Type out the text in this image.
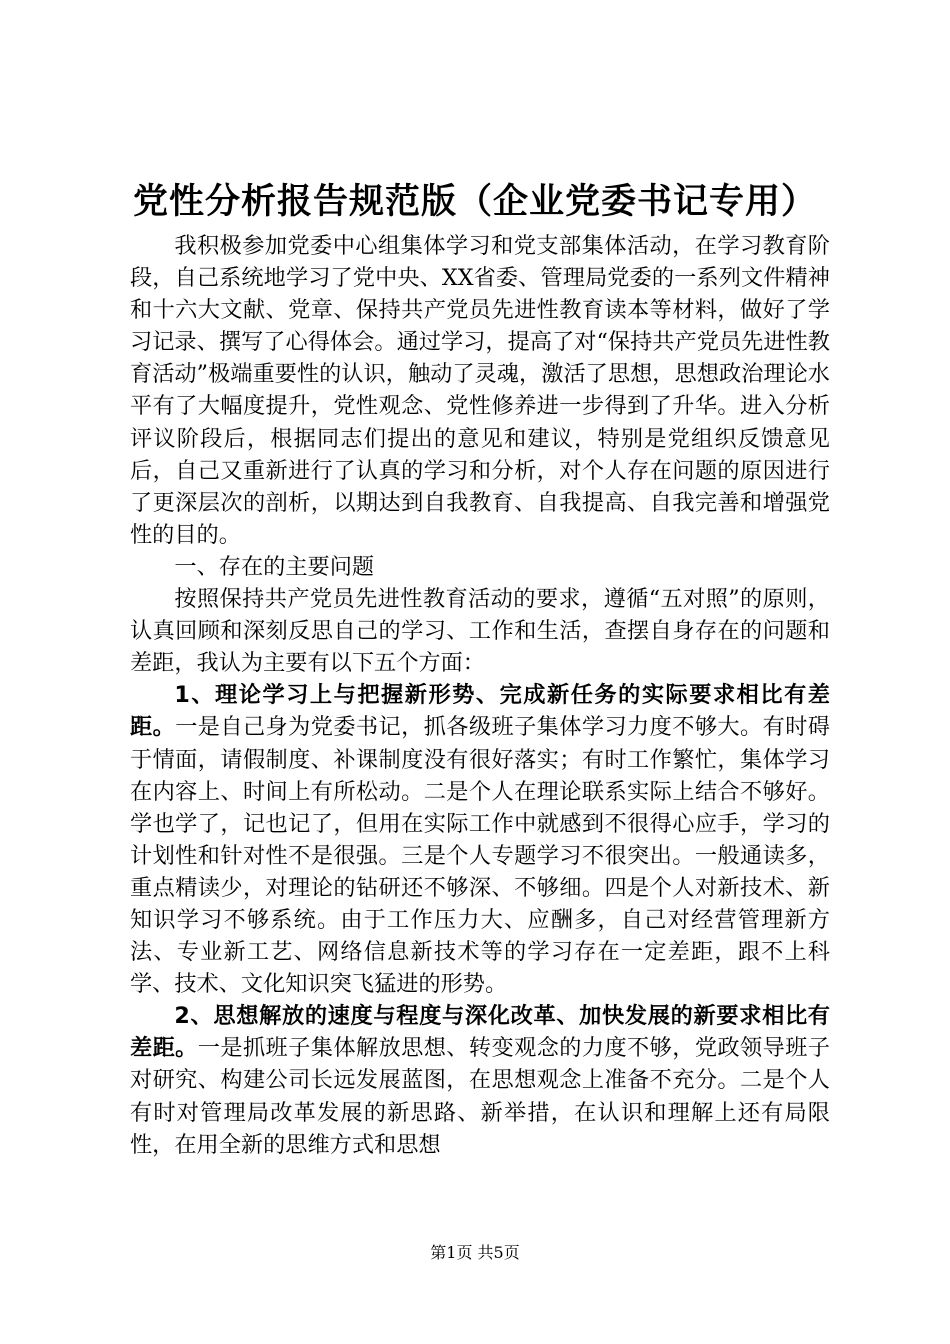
党性分析报告规范版（企业党委书记专用）

我积极参加党委中心组集体学习和党支部集体活动，在学习教育阶段，自己系统地学习了党中央、XX省委、管理局党委的一系列文件精神和十六大文献、党章、保持共产党员先进性教育读本等材料，做好了学习记录、撰写了心得体会。通过学习，提高了对“保持共产党员先进性教育活动”极端重要性的认识，触动了灵魂，激活了思想，思想政治理论水平有了大幅度提升，党性观念、党性修养进一步得到了升华。进入分析评议阶段后，根据同志们提出的意见和建议，特别是党组织反馈意见后，自己又重新进行了认真的学习和分析，对个人存在问题的原因进行了更深层次的剖析，以期达到自我教育、自我提高、自我完善和增强党性的目的。

一、存在的主要问题

按照保持共产党员先进性教育活动的要求，遵循“五对照”的原则，认真回顾和深刻反思自己的学习、工作和生活，查摆自身存在的问题和差距，我认为主要有以下五个方面：

1、理论学习上与把握新形势、完成新任务的实际要求相比有差距。一是自己身为党委书记，抓各级班子集体学习力度不够大。有时碍于情面，请假制度、补课制度没有很好落实；有时工作繁忙，集体学习在内容上、时间上有所松动。二是个人在理论联系实际上结合不够好。学也学了，记也记了，但用在实际工作中就感到不很得心应手，学习的计划性和针对性不是很强。三是个人专题学习不很突出。一般通读多，重点精读少，对理论的钻研还不够深、不够细。四是个人对新技术、新知识学习不够系统。由于工作压力大、应酬多，自己对经营管理新方法、专业新工艺、网络信息新技术等的学习存在一定差距，跟不上科学、技术、文化知识突飞猛进的形势。

2、思想解放的速度与程度与深化改革、加快发展的新要求相比有差距。一是抓班子集体解放思想、转变观念的力度不够，党政领导班子对研究、构建公司长远发展蓝图，在思想观念上准备不充分。二是个人有时对管理局改革发展的新思路、新举措，在认识和理解上还有局限性，在用全新的思维方式和思想

第1页 共5页
